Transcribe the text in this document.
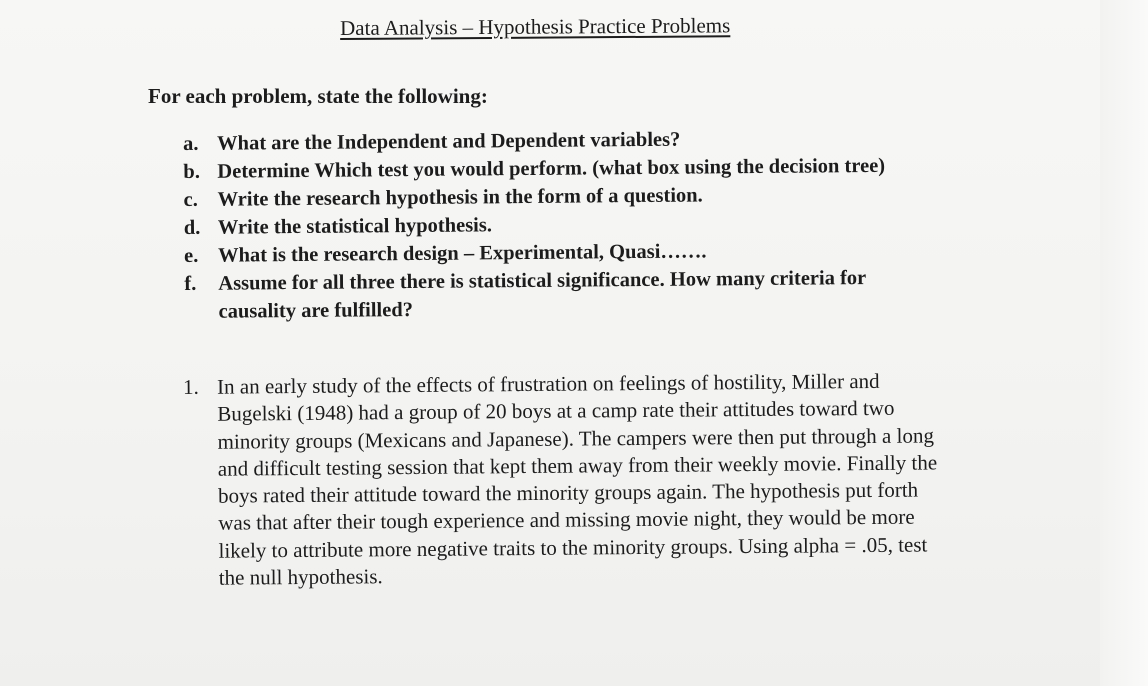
Data Analysis – Hypothesis Practice Problems
For each problem, state the following:
a. What are the Independent and Dependent variables?
b. Determine Which test you would perform. (what box using the decision tree)
c. Write the research hypothesis in the form of a question.
d. Write the statistical hypothesis.
e. What is the research design – Experimental, Quasi…….
f.	Assume for all three there is statistical significance. How many criteria for causality are fulfilled?
1. In an early study of the effects of frustration on feelings of hostility, Miller and Bugelski (1948) had a group of 20 boys at a camp rate their attitudes toward two minority groups (Mexicans and Japanese). The campers were then put through a long and difficult testing session that kept them away from their weekly movie. Finally the boys rated their attitude toward the minority groups again. The hypothesis put forth was that after their tough experience and missing movie night, they would be more likely to attribute more negative traits to the minority groups. Using alpha = .05, test the null hypothesis.
